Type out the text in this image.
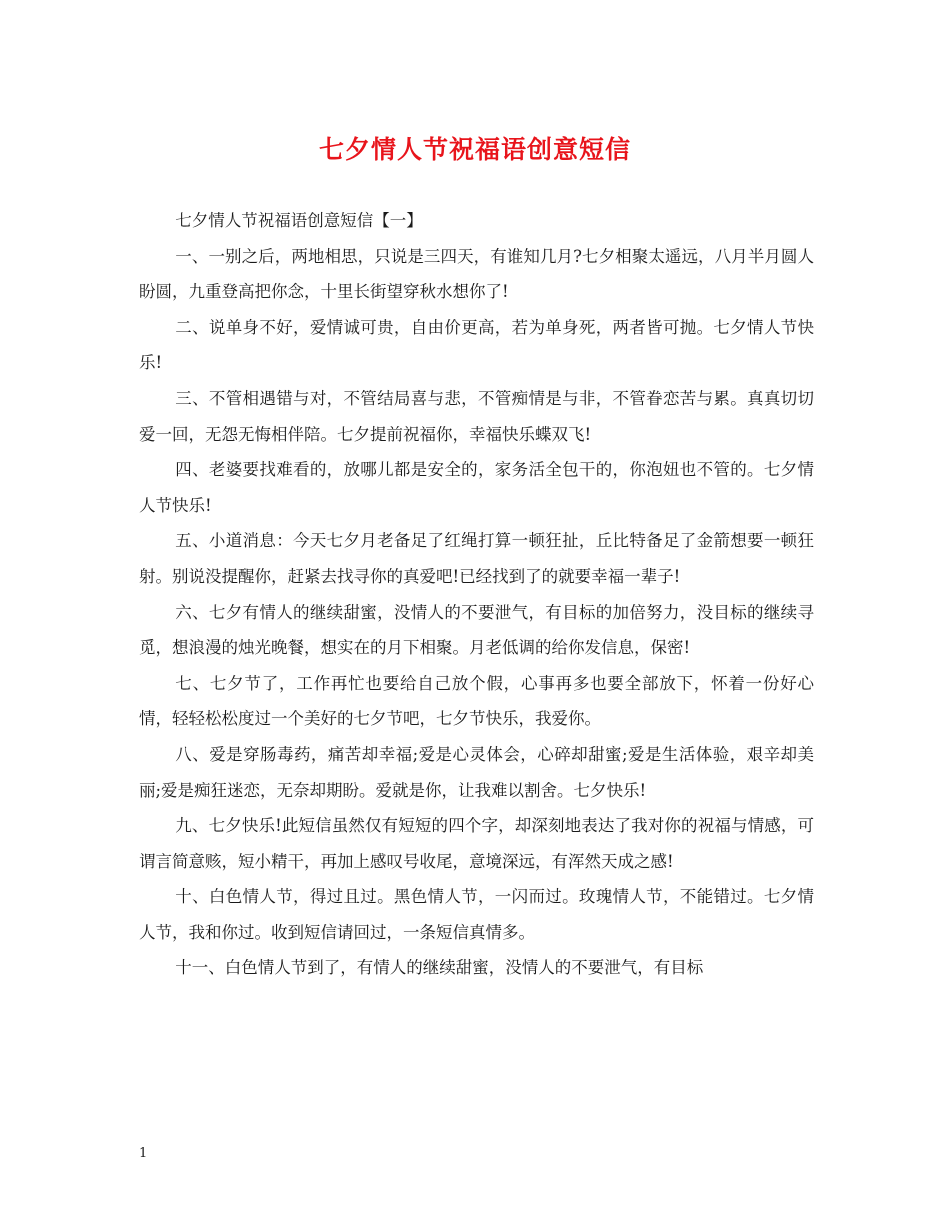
七夕情人节祝福语创意短信

七夕情人节祝福语创意短信【一】

一、一别之后，两地相思，只说是三四天，有谁知几月?七夕相聚太遥远，八月半月圆人盼圆，九重登高把你念，十里长街望穿秋水想你了!

二、说单身不好，爱情诚可贵，自由价更高，若为单身死，两者皆可抛。七夕情人节快乐!

三、不管相遇错与对，不管结局喜与悲，不管痴情是与非，不管眷恋苦与累。真真切切爱一回，无怨无悔相伴陪。七夕提前祝福你，幸福快乐蝶双飞!

四、老婆要找难看的，放哪儿都是安全的，家务活全包干的，你泡妞也不管的。七夕情人节快乐!

五、小道消息：今天七夕月老备足了红绳打算一顿狂扯，丘比特备足了金箭想要一顿狂射。别说没提醒你，赶紧去找寻你的真爱吧!已经找到了的就要幸福一辈子!

六、七夕有情人的继续甜蜜，没情人的不要泄气，有目标的加倍努力，没目标的继续寻觅，想浪漫的烛光晚餐，想实在的月下相聚。月老低调的给你发信息，保密!

七、七夕节了，工作再忙也要给自己放个假，心事再多也要全部放下，怀着一份好心情，轻轻松松度过一个美好的七夕节吧，七夕节快乐，我爱你。

八、爱是穿肠毒药，痛苦却幸福;爱是心灵体会，心碎却甜蜜;爱是生活体验，艰辛却美丽;爱是痴狂迷恋，无奈却期盼。爱就是你，让我难以割舍。七夕快乐!

九、七夕快乐!此短信虽然仅有短短的四个字，却深刻地表达了我对你的祝福与情感，可谓言简意赅，短小精干，再加上感叹号收尾，意境深远，有浑然天成之感!

十、白色情人节，得过且过。黑色情人节，一闪而过。玫瑰情人节，不能错过。七夕情人节，我和你过。收到短信请回过，一条短信真情多。

十一、白色情人节到了，有情人的继续甜蜜，没情人的不要泄气，有目标

1
